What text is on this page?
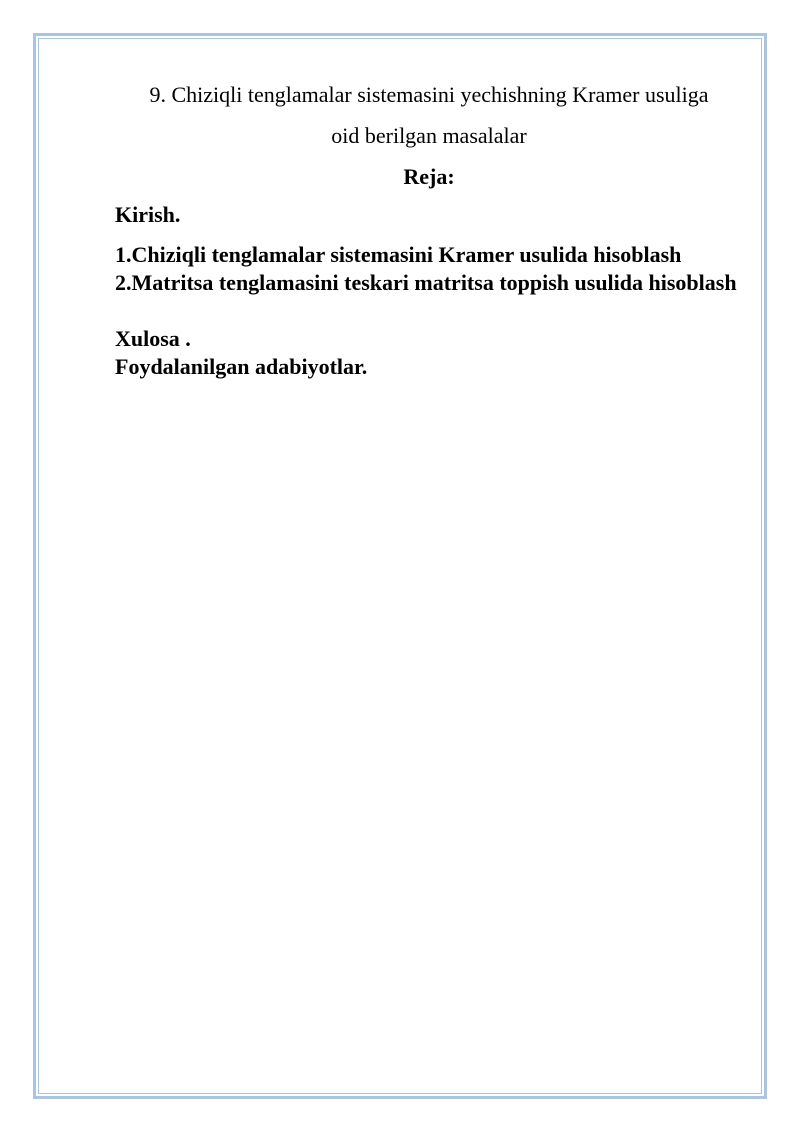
9. Chiziqli tenglamalar sistemasini yechishning Kramer usuliga
oid berilgan masalalar

Reja:

Kirish.

1.Chiziqli tenglamalar sistemasini Kramer usulida hisoblash

2.Matritsa tenglamasini teskari matritsa toppish usulida hisoblash

Xulosa .

Foydalanilgan adabiyotlar.
